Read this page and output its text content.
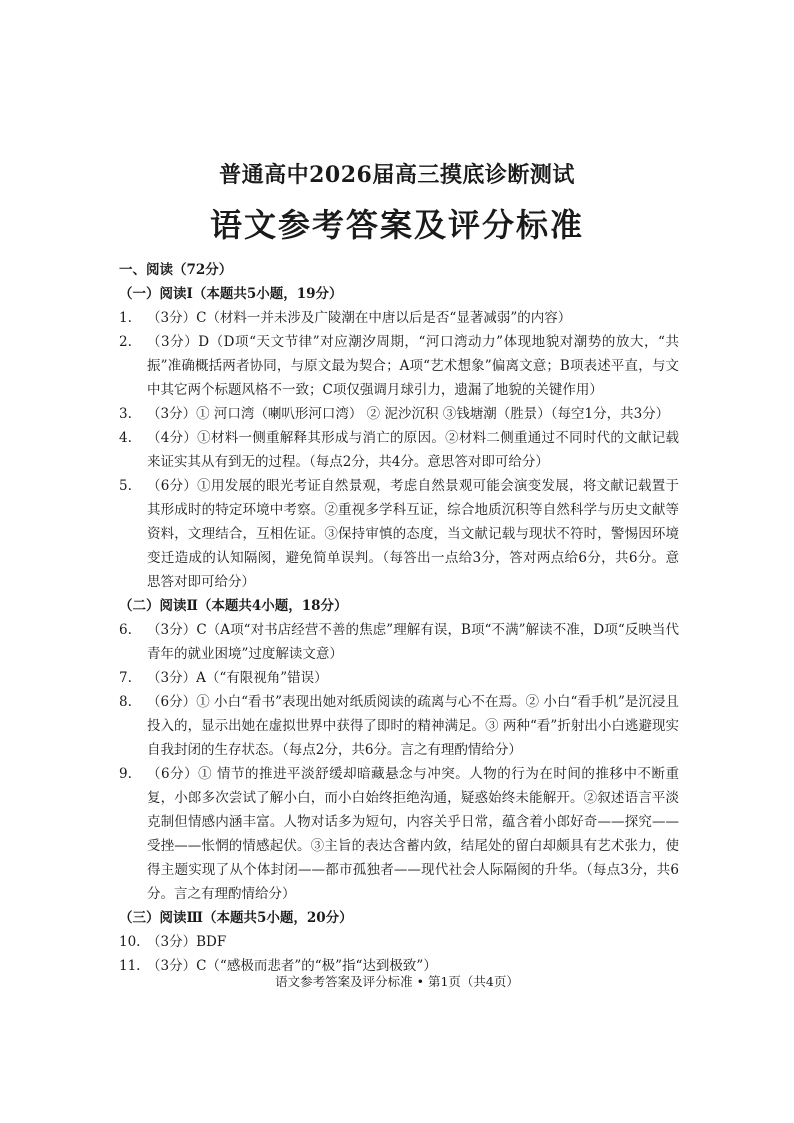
普通高中2026届高三摸底诊断测试
语文参考答案及评分标准

一、阅读（72分）

（一）阅读Ⅰ（本题共5小题，19分）

1.	（3分）C（材料一并未涉及广陵潮在中唐以后是否“显著减弱”的内容）
2.	（3分）D（D项“天文节律”对应潮汐周期，“河口湾动力”体现地貌对潮势的放大，“共振”准确概括两者协同，与原文最为契合；A项“艺术想象”偏离文意；B项表述平直，与文中其它两个标题风格不一致；C项仅强调月球引力，遗漏了地貌的关键作用）
3.	（3分）① 河口湾（喇叭形河口湾） ② 泥沙沉积 ③钱塘潮（胜景）（每空1分，共3分）
4.	（4分）①材料一侧重解释其形成与消亡的原因。②材料二侧重通过不同时代的文献记载来证实其从有到无的过程。（每点2分，共4分。意思答对即可给分）
5.	（6分）①用发展的眼光考证自然景观，考虑自然景观可能会演变发展，将文献记载置于其形成时的特定环境中考察。②重视多学科互证，综合地质沉积等自然科学与历史文献等资料，文理结合，互相佐证。③保持审慎的态度，当文献记载与现状不符时，警惕因环境变迁造成的认知隔阂，避免简单误判。（每答出一点给3分，答对两点给6分，共6分。意思答对即可给分）

（二）阅读Ⅱ（本题共4小题，18分）

6.	（3分）C（A项“对书店经营不善的焦虑”理解有误，B项“不满”解读不准，D项“反映当代青年的就业困境”过度解读文意）
7.	（3分）A（“有限视角”错误）
8.	（6分）① 小白“看书”表现出她对纸质阅读的疏离与心不在焉。② 小白“看手机”是沉浸且投入的，显示出她在虚拟世界中获得了即时的精神满足。③ 两种“看”折射出小白逃避现实自我封闭的生存状态。（每点2分，共6分。言之有理酌情给分）
9.	（6分）① 情节的推进平淡舒缓却暗藏悬念与冲突。人物的行为在时间的推移中不断重复，小郎多次尝试了解小白，而小白始终拒绝沟通，疑惑始终未能解开。②叙述语言平淡克制但情感内涵丰富。人物对话多为短句，内容关乎日常，蕴含着小郎好奇——探究——受挫——怅惘的情感起伏。③主旨的表达含蓄内敛，结尾处的留白却颇具有艺术张力，使得主题实现了从个体封闭——都市孤独者——现代社会人际隔阂的升华。（每点3分，共6分。言之有理酌情给分）

（三）阅读Ⅲ（本题共5小题，20分）

10. （3分）BDF
11. （3分）C（“感极而悲者”的“极”指“达到极致”）
语文参考答案及评分标准 • 第1页（共4页）
